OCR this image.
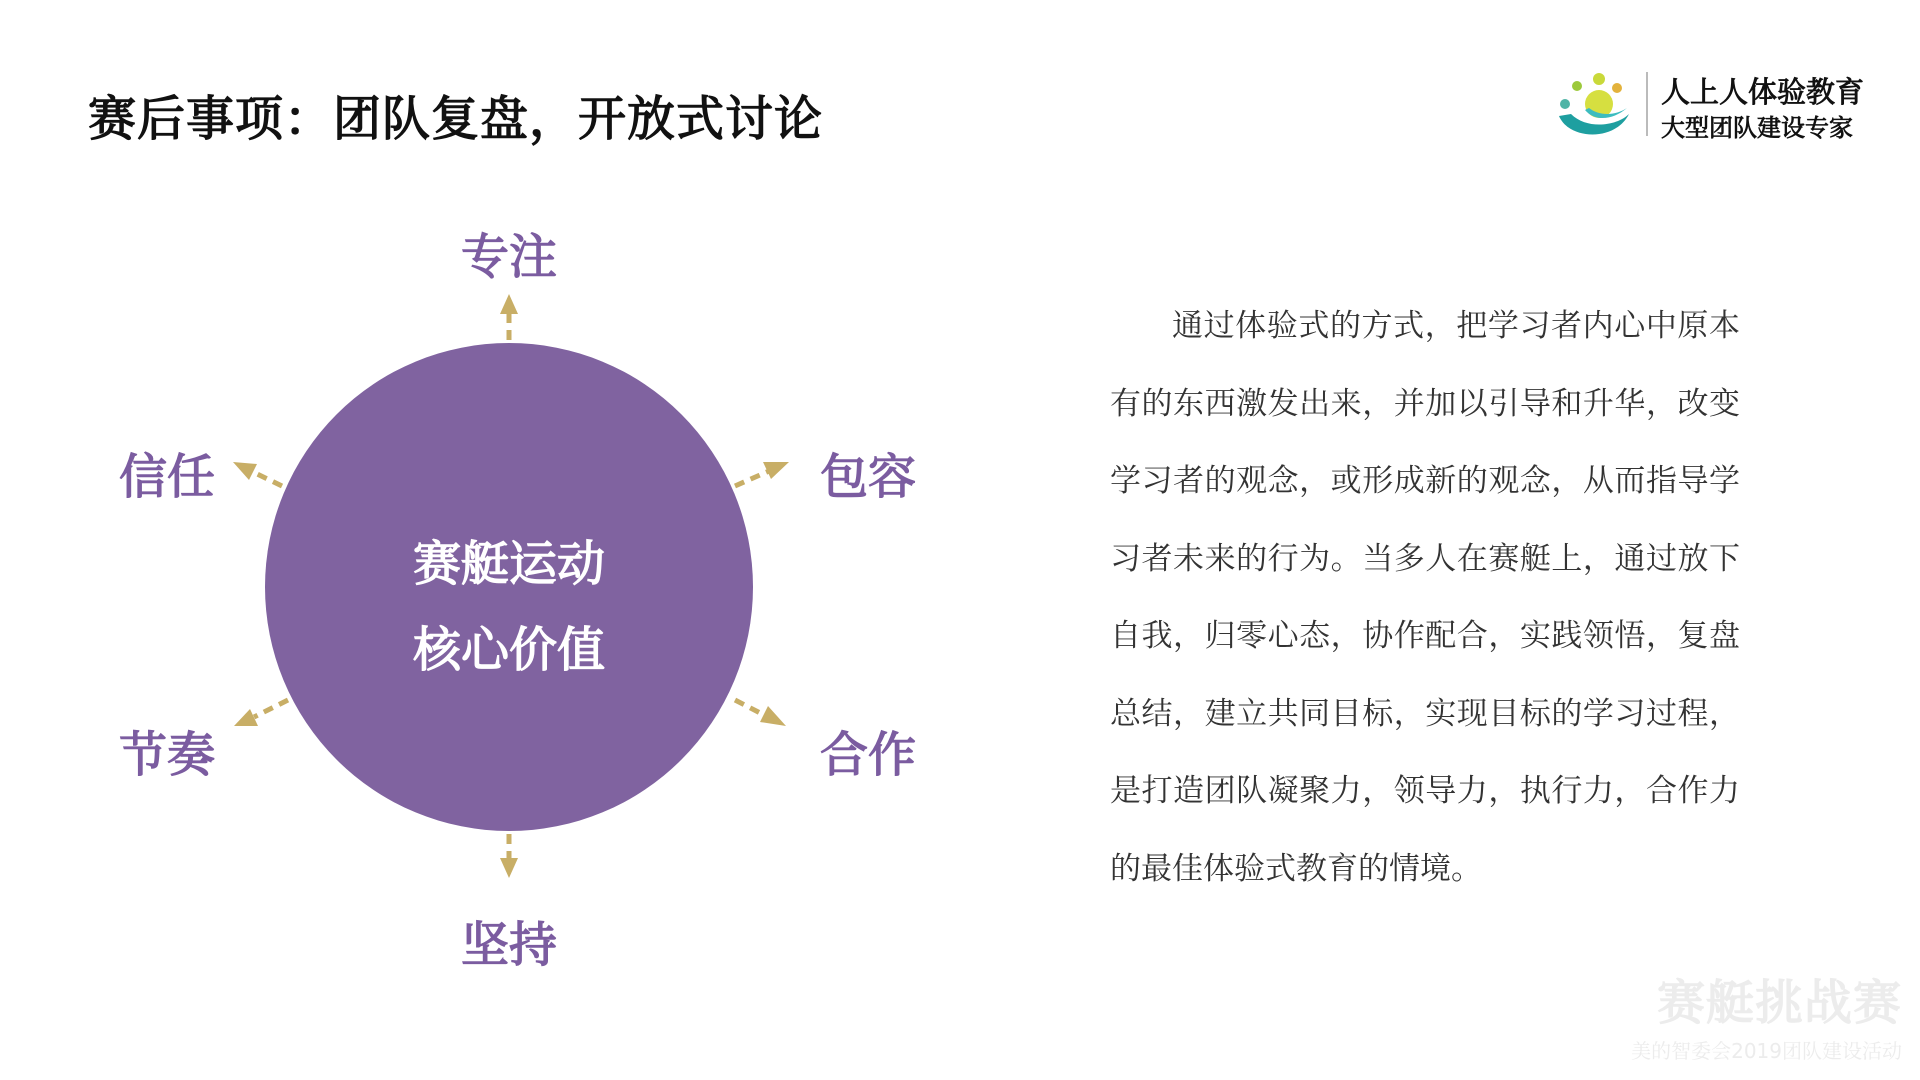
赛后事项：团队复盘，开放式讨论	人上人体验教育
大型团队建设专家
赛艇运动
核心价值
专注
包容
合作
坚持
节奏
信任

通过体验式的方式，把学习者内心中原本有的东西激发出来，并加以引导和升华，改变学习者的观念，或形成新的观念，从而指导学习者未来的行为。当多人在赛艇上，通过放下自我，归零心态，协作配合，实践领悟，复盘总结，建立共同目标，实现目标的学习过程，是打造团队凝聚力，领导力，执行力，合作力的最佳体验式教育的情境。

赛艇挑战赛
美的智委会2019团队建设活动
